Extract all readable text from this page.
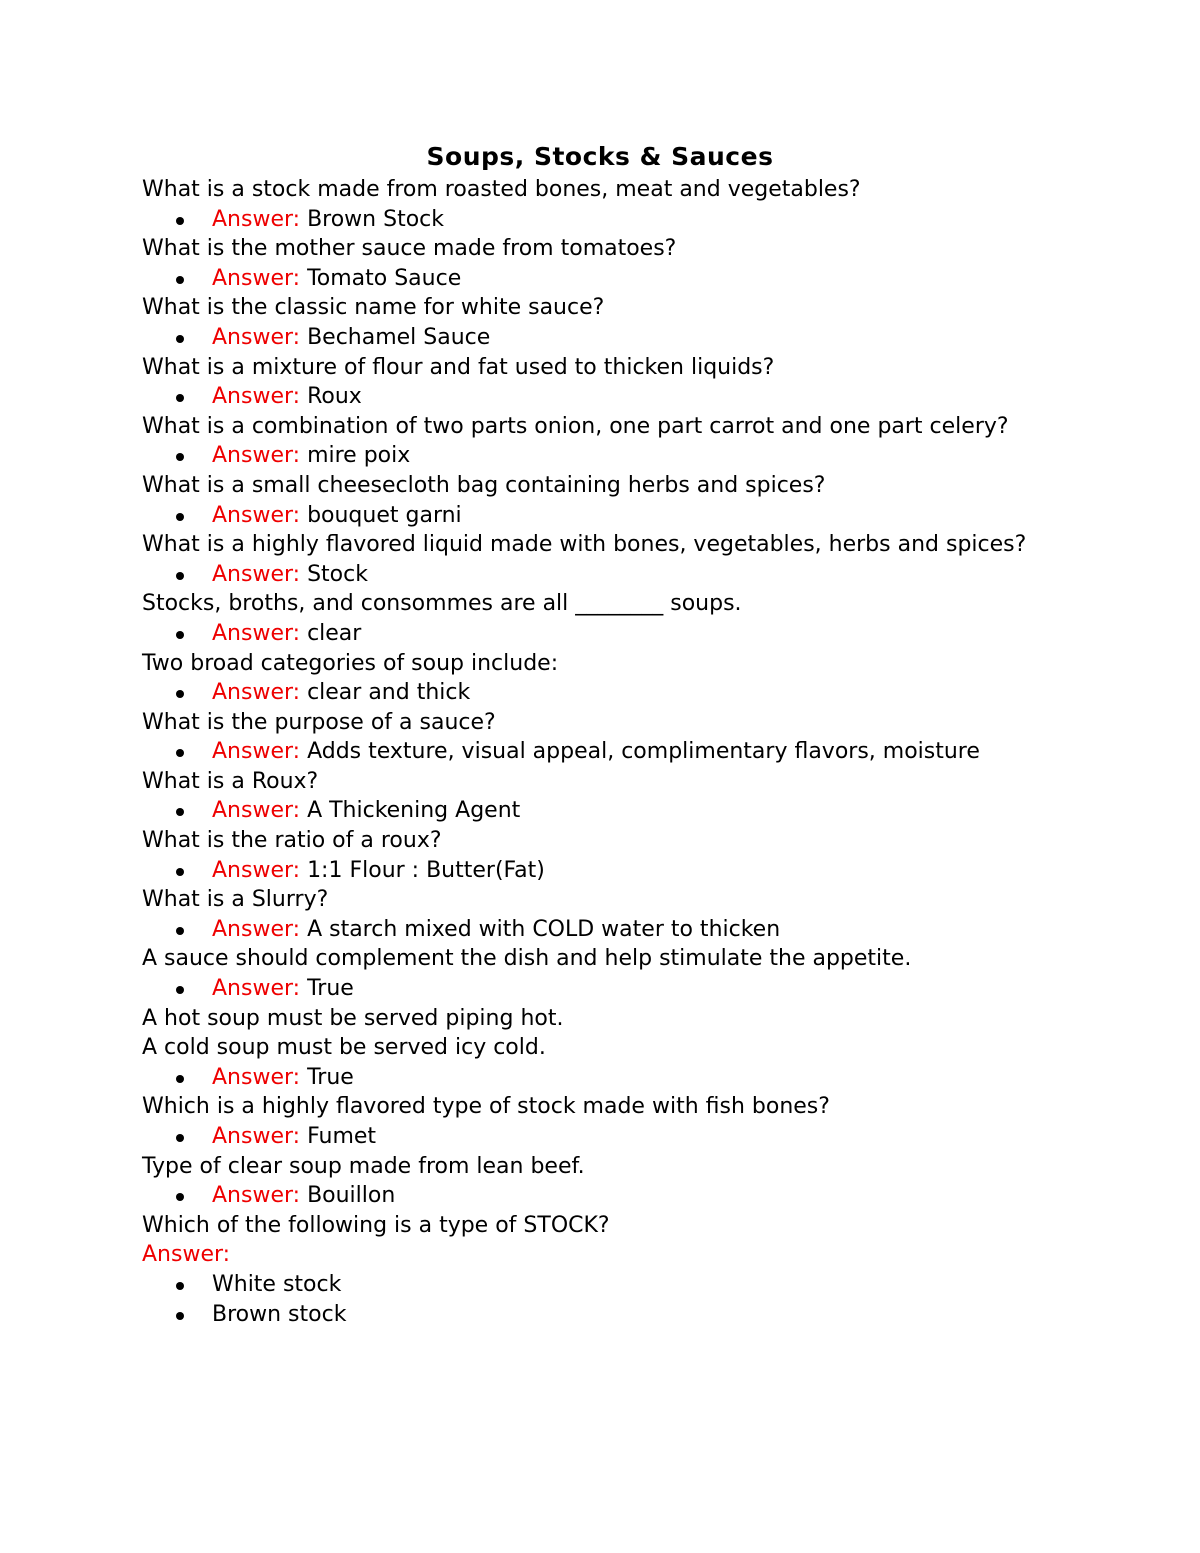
Soups, Stocks & Sauces

What is a stock made from roasted bones, meat and vegetables?

Answer: Brown Stock

What is the mother sauce made from tomatoes?

Answer: Tomato Sauce

What is the classic name for white sauce?

Answer: Bechamel Sauce

What is a mixture of flour and fat used to thicken liquids?

Answer: Roux

What is a combination of two parts onion, one part carrot and one part celery?

Answer: mire poix

What is a small cheesecloth bag containing herbs and spices?

Answer: bouquet garni

What is a highly flavored liquid made with bones, vegetables, herbs and spices?

Answer: Stock

Stocks, broths, and consommes are all ________ soups.

Answer: clear

Two broad categories of soup include:

Answer: clear and thick

What is the purpose of a sauce?

Answer: Adds texture, visual appeal, complimentary flavors, moisture

What is a Roux?

Answer: A Thickening Agent

What is the ratio of a roux?

Answer: 1:1 Flour : Butter(Fat)

What is a Slurry?

Answer: A starch mixed with COLD water to thicken

A sauce should complement the dish and help stimulate the appetite.

Answer: True

A hot soup must be served piping hot.

A cold soup must be served icy cold.

Answer: True

Which is a highly flavored type of stock made with fish bones?

Answer: Fumet

Type of clear soup made from lean beef.

Answer: Bouillon

Which of the following is a type of STOCK?

Answer:

White stock
Brown stock
